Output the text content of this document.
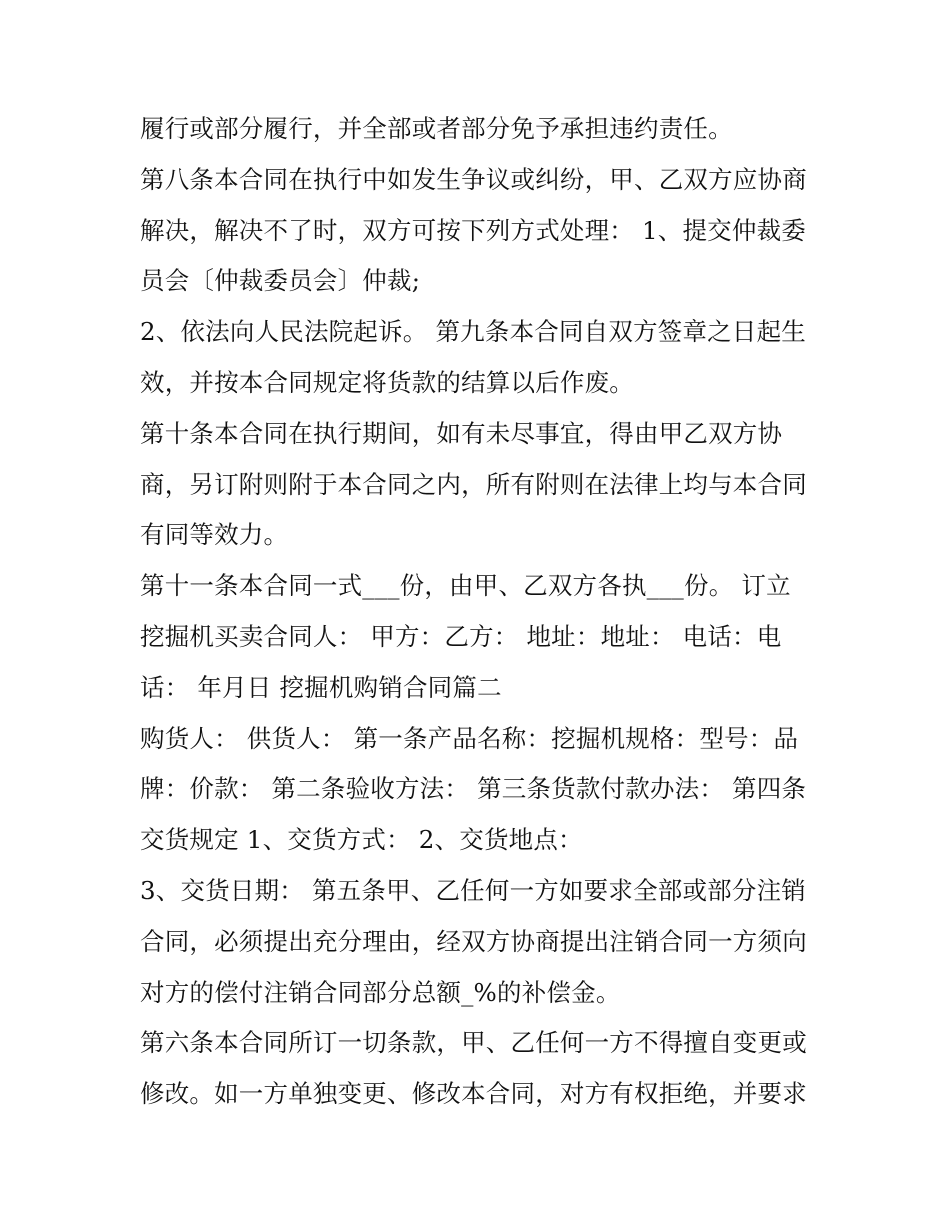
履行或部分履行，并全部或者部分免予承担违约责任。
第八条本合同在执行中如发生争议或纠纷，甲、乙双方应协商
解决，解决不了时，双方可按下列方式处理： 1、提交仲裁委
员会〔仲裁委员会〕仲裁;
2、依法向人民法院起诉。 第九条本合同自双方签章之日起生
效，并按本合同规定将货款的结算以后作废。
第十条本合同在执行期间，如有未尽事宜，得由甲乙双方协
商，另订附则附于本合同之内，所有附则在法律上均与本合同
有同等效力。
第十一条本合同一式___份，由甲、乙双方各执___份。 订立
挖掘机买卖合同人： 甲方：乙方： 地址：地址： 电话：电
话： 年月日 挖掘机购销合同篇二
购货人： 供货人： 第一条产品名称：挖掘机规格：型号：品
牌：价款： 第二条验收方法： 第三条货款付款办法： 第四条
交货规定 1、交货方式： 2、交货地点：
3、交货日期： 第五条甲、乙任何一方如要求全部或部分注销
合同，必须提出充分理由，经双方协商提出注销合同一方须向
对方的偿付注销合同部分总额_%的补偿金。
第六条本合同所订一切条款，甲、乙任何一方不得擅自变更或
修改。如一方单独变更、修改本合同，对方有权拒绝，并要求
